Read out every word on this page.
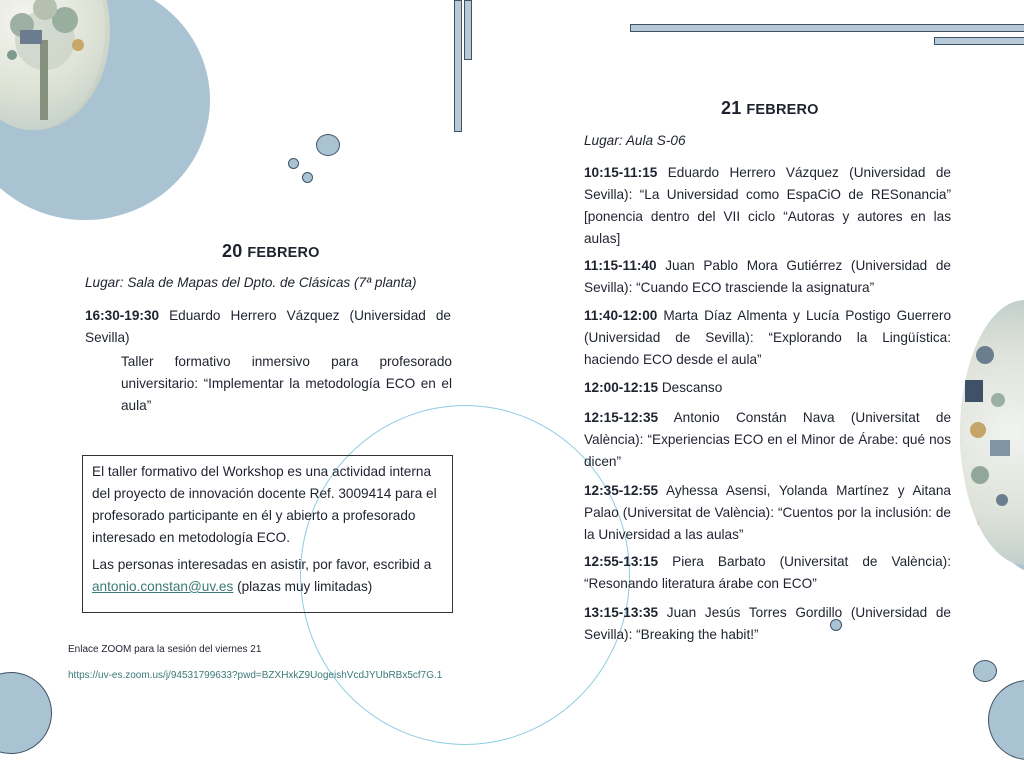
20 FEBRERO
Lugar: Sala de Mapas del Dpto. de Clásicas (7ª planta)
16:30-19:30 Eduardo Herrero Vázquez (Universidad de Sevilla)
Taller formativo inmersivo para profesorado universitario: “Implementar la metodología ECO en el aula”
El taller formativo del Workshop es una actividad interna del proyecto de innovación docente Ref. 3009414 para el profesorado participante en él y abierto a profesorado interesado en metodología ECO.
Las personas interesadas en asistir, por favor, escribid a antonio.constan@uv.es (plazas muy limitadas)
Enlace ZOOM para la sesión del viernes 21
https://uv-es.zoom.us/j/94531799633?pwd=BZXHxkZ9UogeishVcdJYUbRBx5cf7G.1
21 FEBRERO
Lugar: Aula S-06
10:15-11:15 Eduardo Herrero Vázquez (Universidad de Sevilla): “La Universidad como EspaCiO de RESonancia” [ponencia dentro del VII ciclo “Autoras y autores en las aulas]
11:15-11:40 Juan Pablo Mora Gutiérrez (Universidad de Sevilla): “Cuando ECO trasciende la asignatura”
11:40-12:00 Marta Díaz Almenta y Lucía Postigo Guerrero (Universidad de Sevilla): “Explorando la Lingüística: haciendo ECO desde el aula”
12:00-12:15 Descanso
12:15-12:35 Antonio Constán Nava (Universitat de València): “Experiencias ECO en el Minor de Árabe: qué nos dicen”
12:35-12:55 Ayhessa Asensi, Yolanda Martínez y Aitana Palao (Universitat de València): “Cuentos por la inclusión: de la Universidad a las aulas”
12:55-13:15 Piera Barbato (Universitat de València): “Resonando literatura árabe con ECO”
13:15-13:35 Juan Jesús Torres Gordillo (Universidad de Sevilla): “Breaking the habit!”
